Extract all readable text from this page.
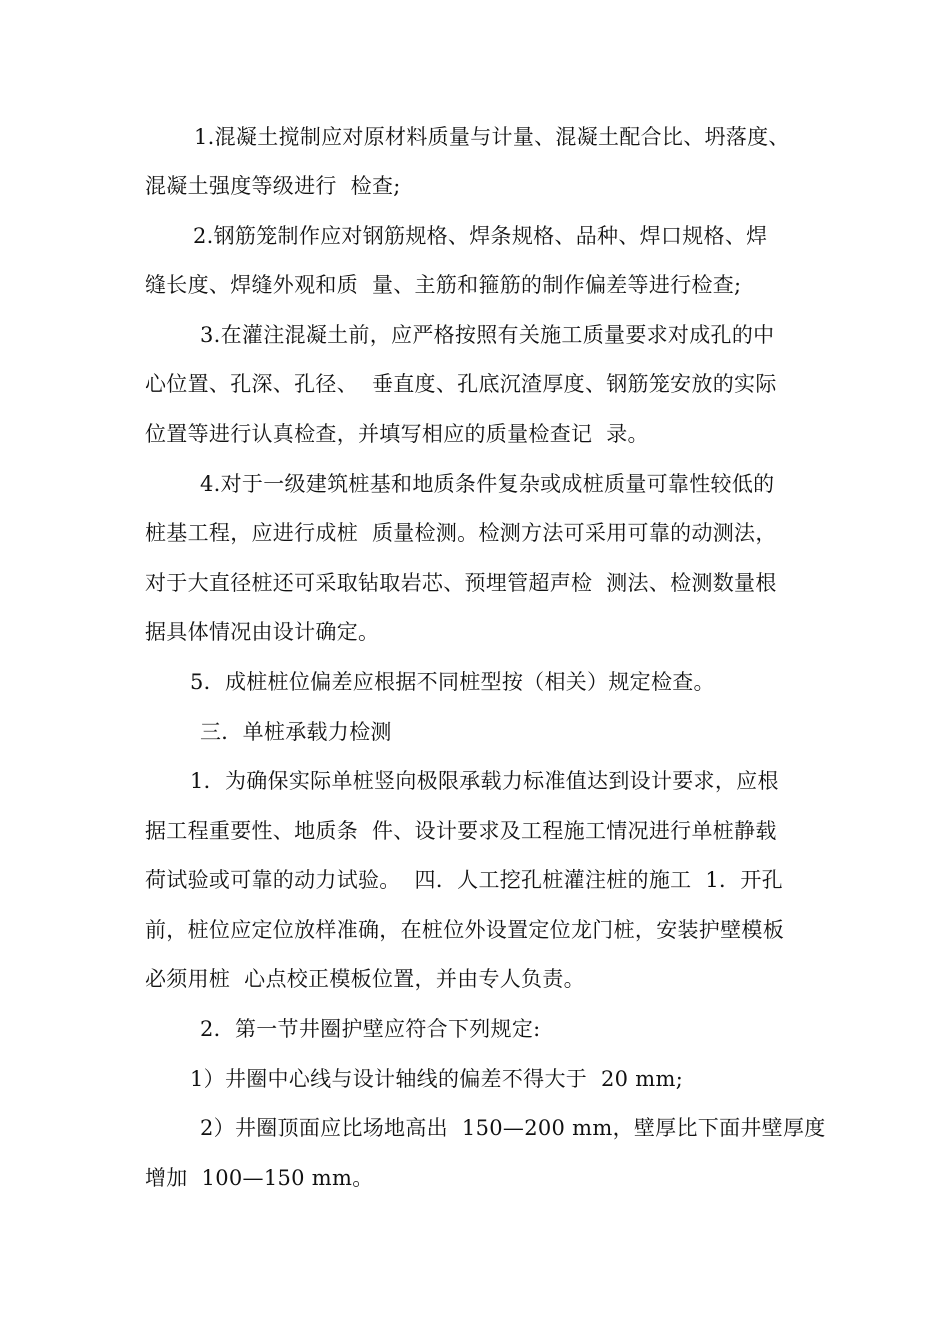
1.混凝土搅制应对原材料质量与计量、混凝土配合比、坍落度、
混凝土强度等级进行  检查;
2.钢筋笼制作应对钢筋规格、焊条规格、品种、焊口规格、焊
缝长度、焊缝外观和质  量、主筋和箍筋的制作偏差等进行检查;
3.在灌注混凝土前，应严格按照有关施工质量要求对成孔的中
心位置、孔深、孔径、  垂直度、孔底沉渣厚度、钢筋笼安放的实际
位置等进行认真检查，并填写相应的质量检查记  录。
4.对于一级建筑桩基和地质条件复杂或成桩质量可靠性较低的
桩基工程，应进行成桩  质量检测。检测方法可采用可靠的动测法，
对于大直径桩还可采取钻取岩芯、预埋管超声检  测法、检测数量根
据具体情况由设计确定。
5．成桩桩位偏差应根据不同桩型按（相关）规定检查。
三．单桩承载力检测
1．为确保实际单桩竖向极限承载力标准值达到设计要求，应根
据工程重要性、地质条  件、设计要求及工程施工情况进行单桩静载
荷试验或可靠的动力试验。  四．人工挖孔桩灌注桩的施工  1．开孔
前，桩位应定位放样准确，在桩位外设置定位龙门桩，安装护壁模板
必须用桩  心点校正模板位置，并由专人负责。
2．第一节井圈护壁应符合下列规定:
1）井圈中心线与设计轴线的偏差不得大于  20 mm;
2）井圈顶面应比场地高出  150—200 mm，壁厚比下面井壁厚度
增加  100—150 mm。
